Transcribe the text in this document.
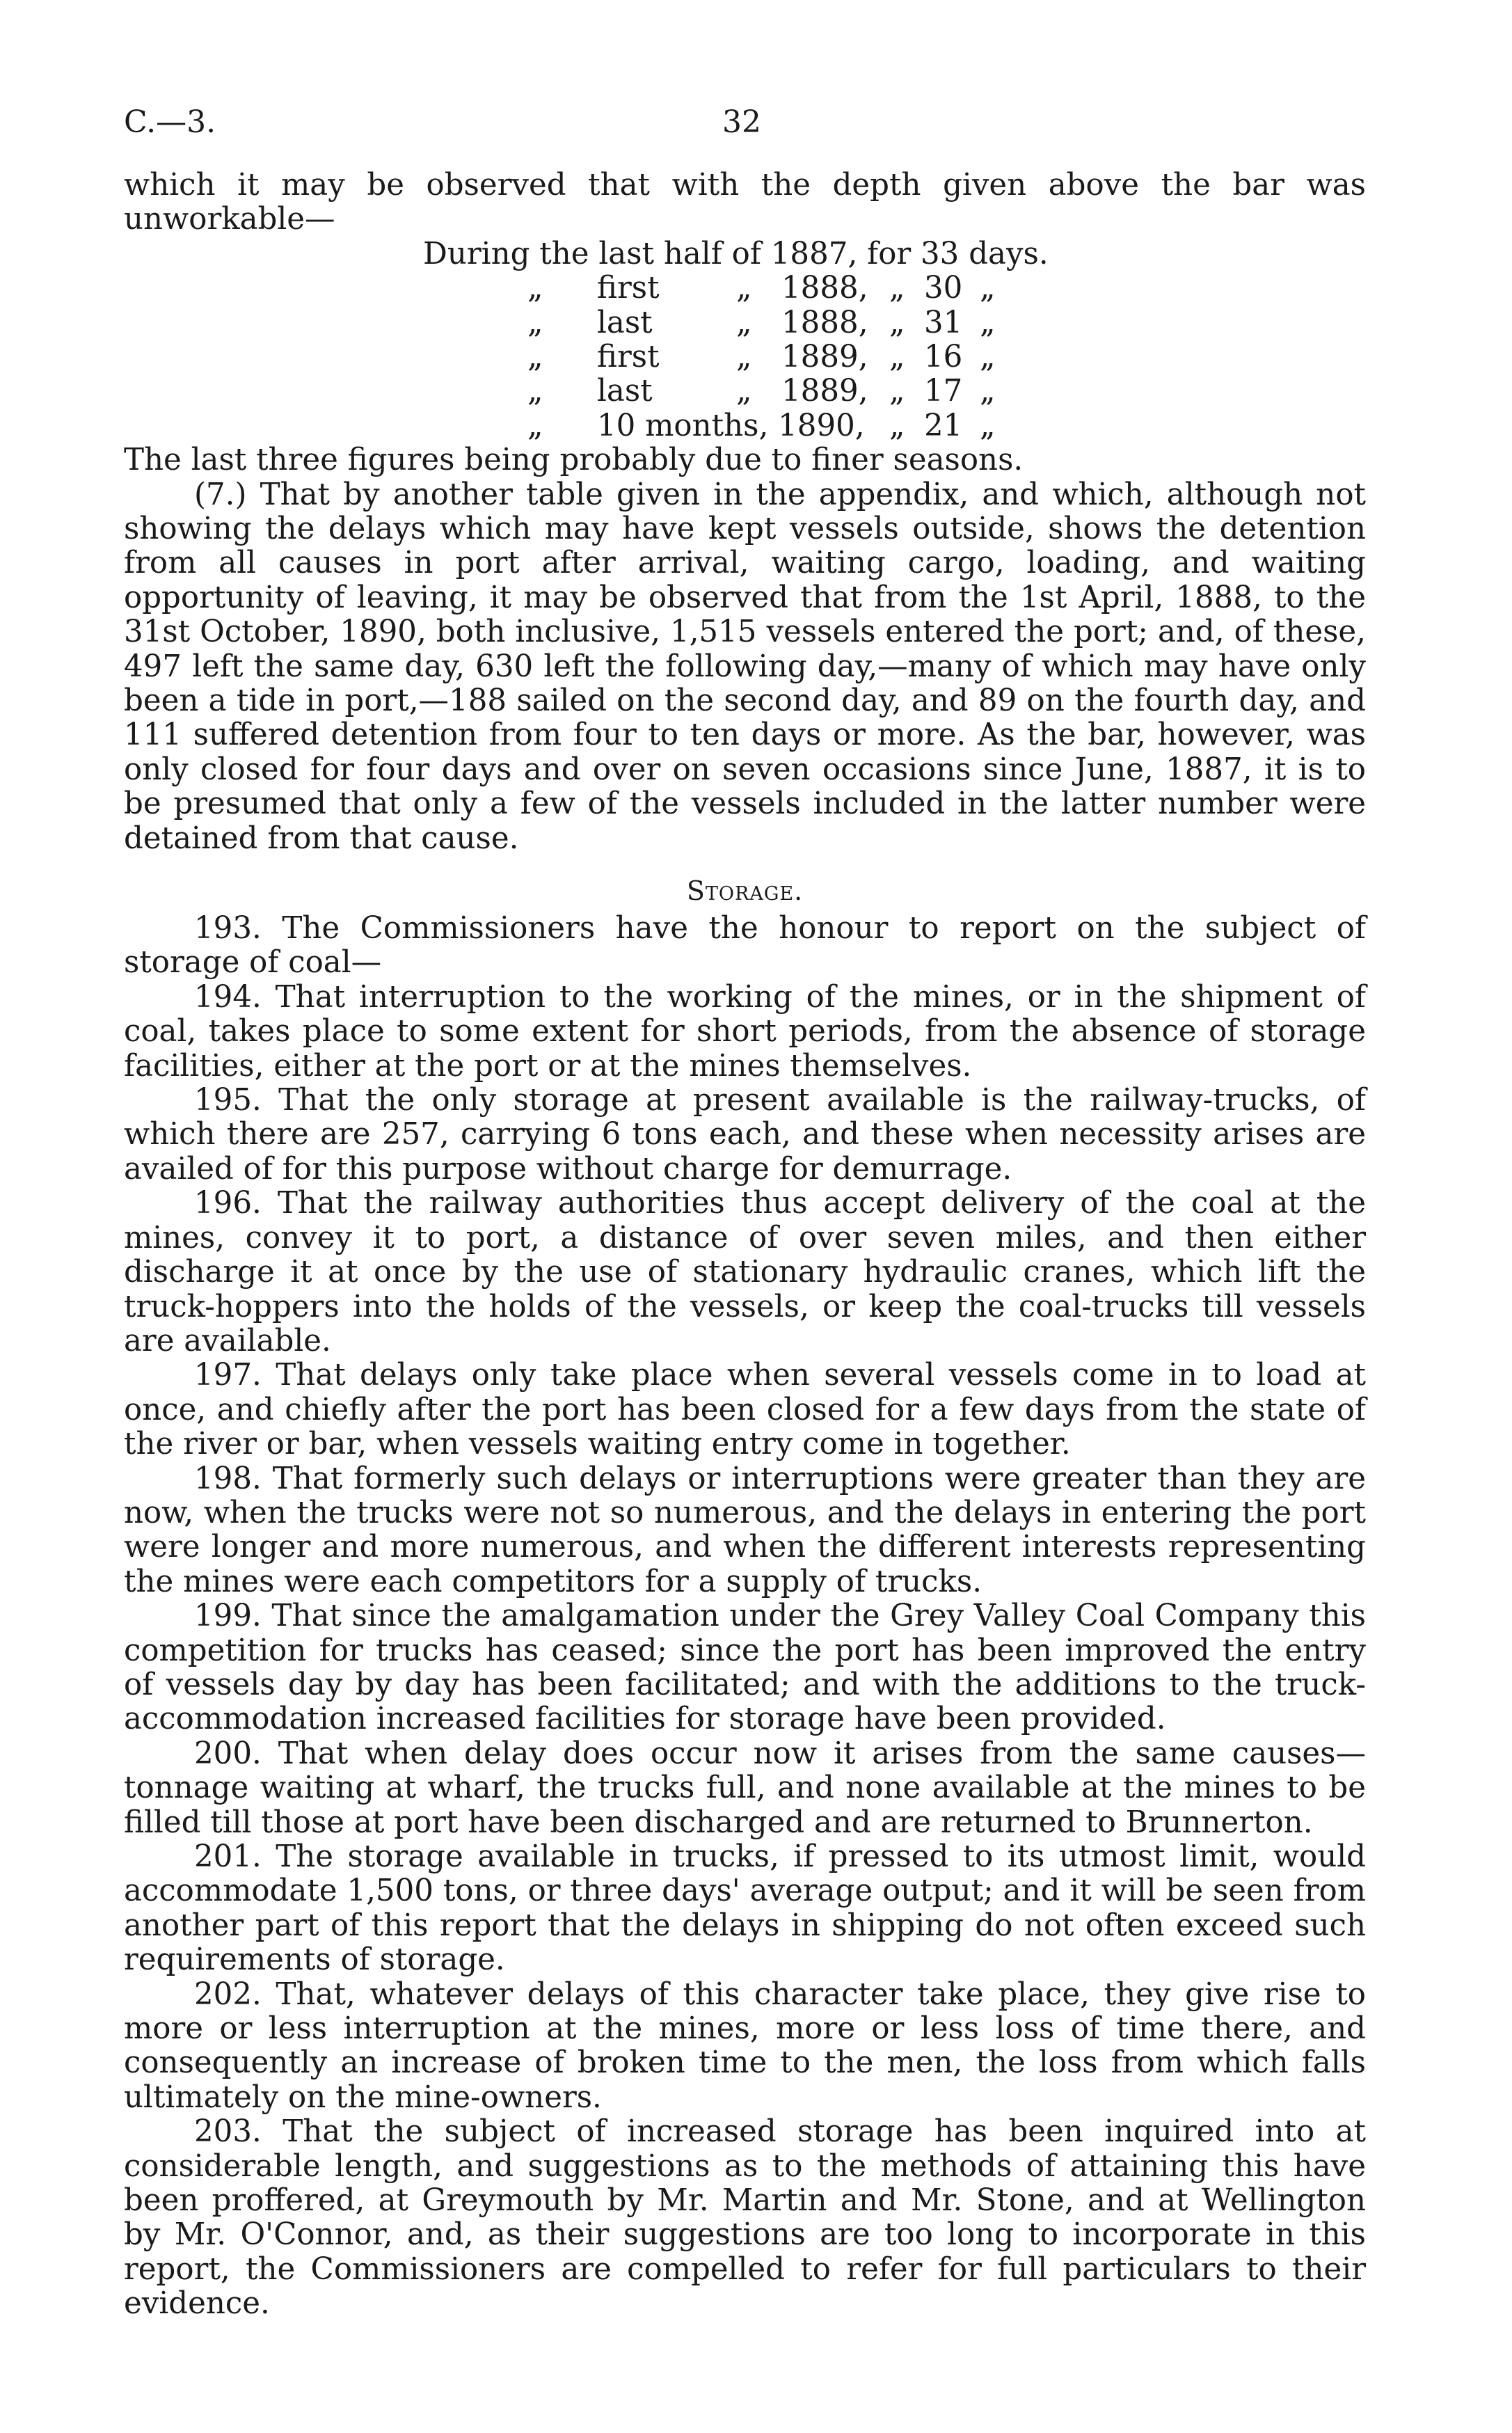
C.—3.	32

which it may be observed that with the depth given above the bar was unworkable—

During the last half of 1887, for 33 days.
„ first	„ 1888, „ 30 „
„ last	„ 1888, „ 31 „
„ first	„ 1889, „ 16 „
„ last	„ 1889, „ 17 „
„ 10 months, 1890, „ 21 „

The last three figures being probably due to finer seasons.

(7.) That by another table given in the appendix, and which, although not showing the delays which may have kept vessels outside, shows the detention from all causes in port after arrival, waiting cargo, loading, and waiting opportunity of leaving, it may be observed that from the 1st April, 1888, to the 31st October, 1890, both inclusive, 1,515 vessels entered the port; and, of these, 497 left the same day, 630 left the following day,—many of which may have only been a tide in port,—188 sailed on the second day, and 89 on the fourth day, and 111 suffered detention from four to ten days or more. As the bar, however, was only closed for four days and over on seven occasions since June, 1887, it is to be presumed that only a few of the vessels included in the latter number were detained from that cause.

Storage.

193. The Commissioners have the honour to report on the subject of storage of coal—

194. That interruption to the working of the mines, or in the shipment of coal, takes place to some extent for short periods, from the absence of storage facilities, either at the port or at the mines themselves.

195. That the only storage at present available is the railway-trucks, of which there are 257, carrying 6 tons each, and these when necessity arises are availed of for this purpose without charge for demurrage.

196. That the railway authorities thus accept delivery of the coal at the mines, convey it to port, a distance of over seven miles, and then either discharge it at once by the use of stationary hydraulic cranes, which lift the truck-hoppers into the holds of the vessels, or keep the coal-trucks till vessels are available.

197. That delays only take place when several vessels come in to load at once, and chiefly after the port has been closed for a few days from the state of the river or bar, when vessels waiting entry come in together.

198. That formerly such delays or interruptions were greater than they are now, when the trucks were not so numerous, and the delays in entering the port were longer and more numerous, and when the different interests representing the mines were each competitors for a supply of trucks.

199. That since the amalgamation under the Grey Valley Coal Company this competition for trucks has ceased; since the port has been improved the entry of vessels day by day has been facilitated; and with the additions to the truck-accommodation increased facilities for storage have been provided.

200. That when delay does occur now it arises from the same causes—tonnage waiting at wharf, the trucks full, and none available at the mines to be filled till those at port have been discharged and are returned to Brunnerton.

201. The storage available in trucks, if pressed to its utmost limit, would accommodate 1,500 tons, or three days' average output; and it will be seen from another part of this report that the delays in shipping do not often exceed such requirements of storage.

202. That, whatever delays of this character take place, they give rise to more or less interruption at the mines, more or less loss of time there, and consequently an increase of broken time to the men, the loss from which falls ultimately on the mine-owners.

203. That the subject of increased storage has been inquired into at considerable length, and suggestions as to the methods of attaining this have been proffered, at Greymouth by Mr. Martin and Mr. Stone, and at Wellington by Mr. O'Connor, and, as their suggestions are too long to incorporate in this report, the Commissioners are compelled to refer for full particulars to their evidence.
